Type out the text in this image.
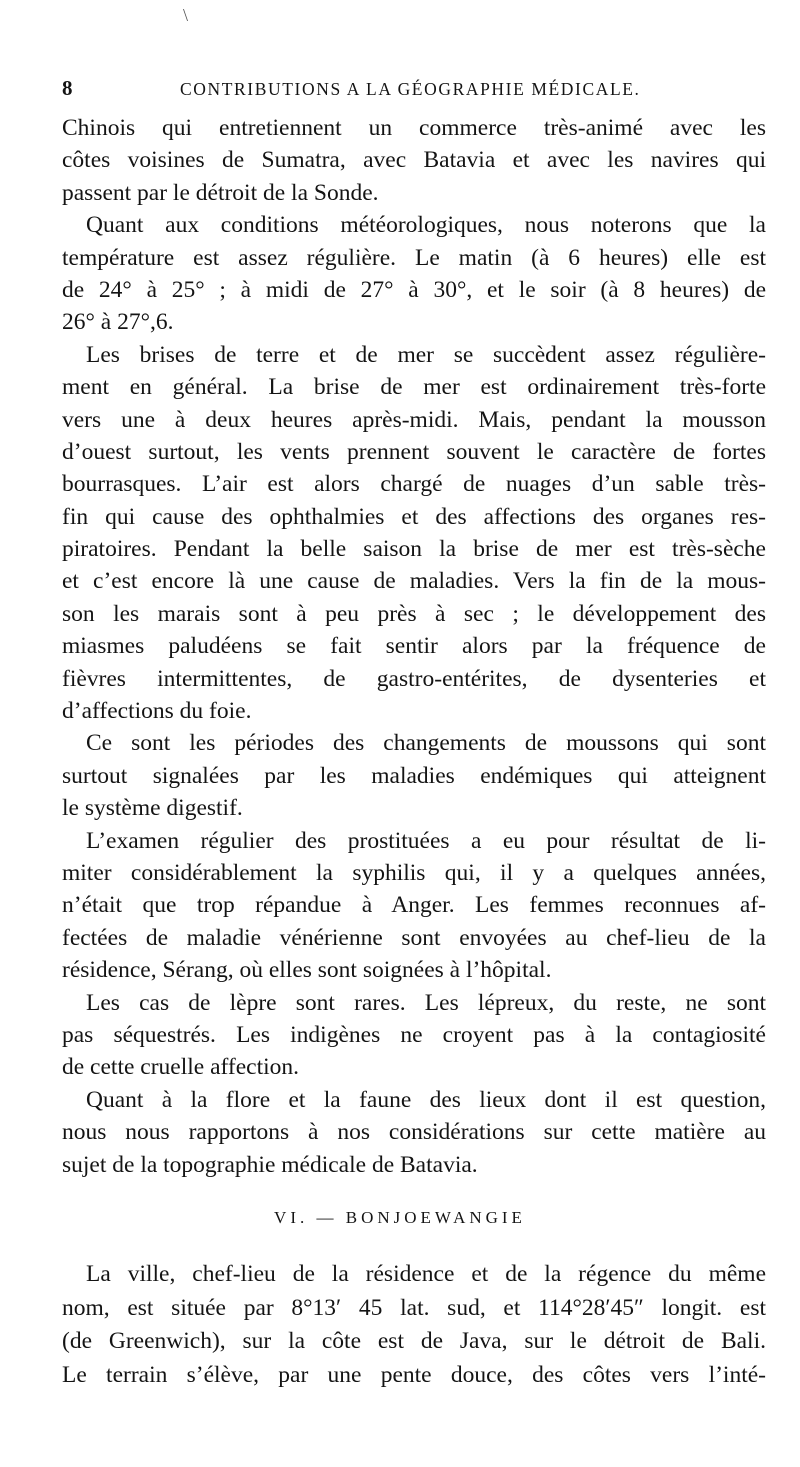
\
8	CONTRIBUTIONS A LA GÉOGRAPHIE MÉDICALE.
Chinois qui entretiennent un commerce très-animé avec les
côtes voisines de Sumatra, avec Batavia et avec les navires qui
passent par le détroit de la Sonde.
Quant aux conditions météorologiques, nous noterons que la
température est assez régulière. Le matin (à 6 heures) elle est
de 24° à 25° ; à midi de 27° à 30°, et le soir (à 8 heures) de
26° à 27°,6.
Les brises de terre et de mer se succèdent assez régulière-
ment en général. La brise de mer est ordinairement très-forte
vers une à deux heures après-midi. Mais, pendant la mousson
d’ouest surtout, les vents prennent souvent le caractère de fortes
bourrasques. L’air est alors chargé de nuages d’un sable très-
fin qui cause des ophthalmies et des affections des organes res-
piratoires. Pendant la belle saison la brise de mer est très-sèche
et c’est encore là une cause de maladies. Vers la fin de la mous-
son les marais sont à peu près à sec ; le développement des
miasmes paludéens se fait sentir alors par la fréquence de
fièvres intermittentes, de gastro-entérites, de dysenteries et
d’affections du foie.
Ce sont les périodes des changements de moussons qui sont
surtout signalées par les maladies endémiques qui atteignent
le système digestif.
L’examen régulier des prostituées a eu pour résultat de li-
miter considérablement la syphilis qui, il y a quelques années,
n’était que trop répandue à Anger. Les femmes reconnues af-
fectées de maladie vénérienne sont envoyées au chef-lieu de la
résidence, Sérang, où elles sont soignées à l’hôpital.
Les cas de lèpre sont rares. Les lépreux, du reste, ne sont
pas séquestrés. Les indigènes ne croyent pas à la contagiosité
de cette cruelle affection.
Quant à la flore et la faune des lieux dont il est question,
nous nous rapportons à nos considérations sur cette matière au
sujet de la topographie médicale de Batavia.
VI. — BONJOEWANGIE
La ville, chef-lieu de la résidence et de la régence du même
nom, est située par 8°13′ 45 lat. sud, et 114°28′45″ longit. est
(de Greenwich), sur la côte est de Java, sur le détroit de Bali.
Le terrain s’élève, par une pente douce, des côtes vers l’inté-
